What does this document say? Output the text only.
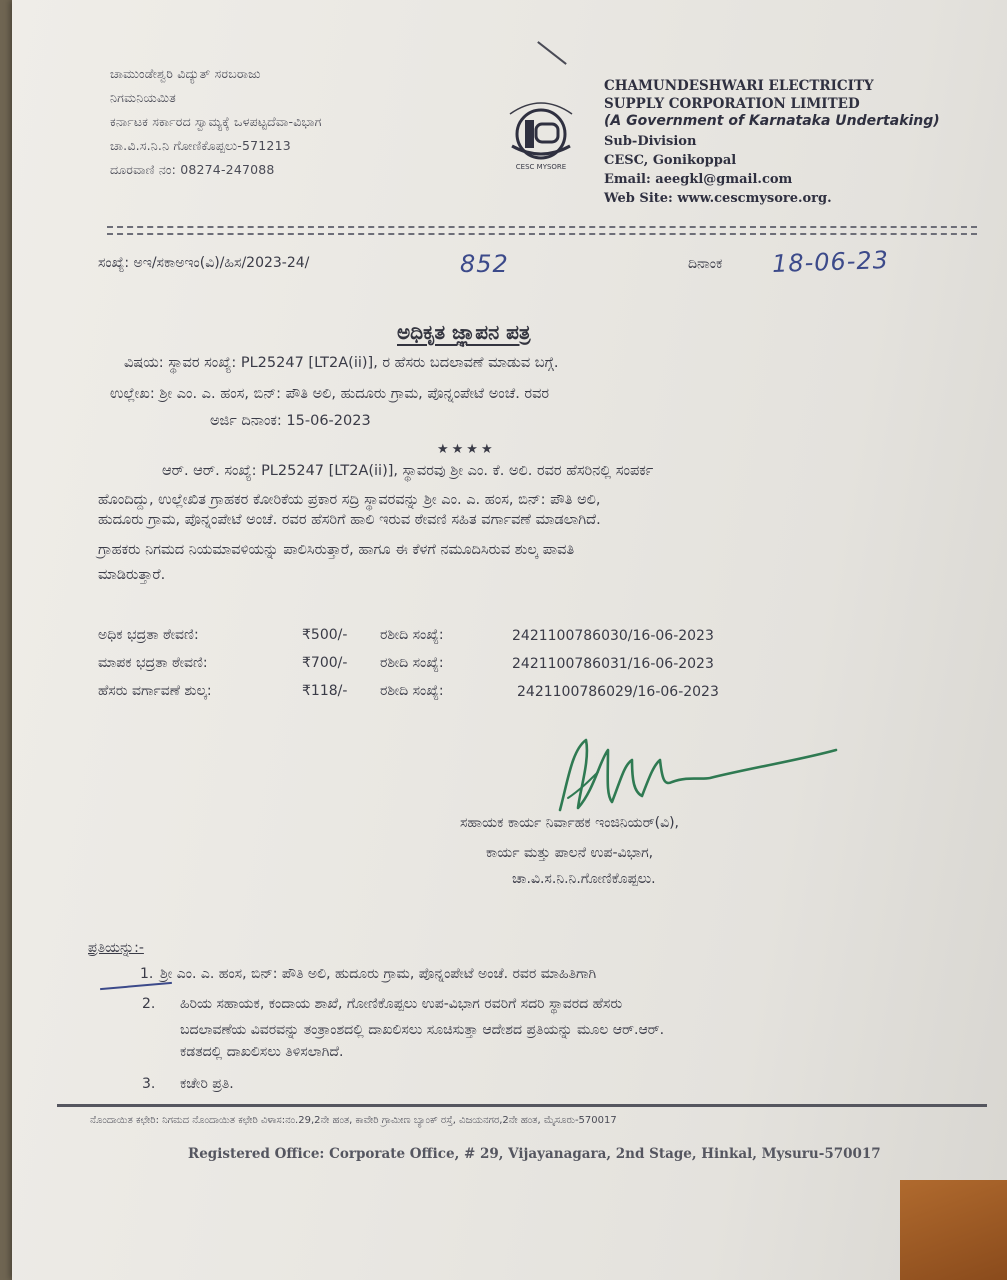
ಚಾಮುಂಡೇಶ್ವರಿ ವಿದ್ಯುತ್ ಸರಬರಾಜು
ನಿಗಮನಿಯಮಿತ
ಕರ್ನಾಟಕ ಸರ್ಕಾರದ ಸ್ವಾಮ್ಯಕ್ಕೆ ಒಳಪಟ್ಟದೆವಾ-ವಿಭಾಗ
ಚಾ.ವಿ.ಸ.ನಿ.ನಿ ಗೋಣಿಕೊಪ್ಪಲು-571213
ದೂರವಾಣಿ ನಂ: 08274-247088	CESC MYSORE
CHAMUNDESHWARI ELECTRICITY
SUPPLY CORPORATION LIMITED
(A Government of Karnataka Undertaking)
Sub-Division
CESC, Gonikoppal
Email: aeegkl@gmail.com
Web Site: www.cescmysore.org.
ಸಂಖ್ಯೆ: ಅಇ/ಸಕಾಅಇಂ(ವಿ)/ಹಿಸ/2023-24/	852	ದಿನಾಂಕ 18-06-23
ಅಧಿಕೃತ ಜ್ಞಾಪನ ಪತ್ರ
ವಿಷಯ: ಸ್ಥಾವರ ಸಂಖ್ಯೆ: PL25247 [LT2A(ii)], ರ ಹೆಸರು ಬದಲಾವಣೆ ಮಾಡುವ ಬಗ್ಗೆ.
ಉಲ್ಲೇಖ: ಶ್ರೀ ಎಂ. ಎ. ಹಂಸ, ಬಿನ್: ಪೌತಿ ಅಲಿ, ಹುದೂರು ಗ್ರಾಮ, ಪೊನ್ನಂಪೇಟೆ ಅಂಚೆ. ರವರ
ಅರ್ಜಿ ದಿನಾಂಕ: 15-06-2023
★★★★
ಆರ್. ಆರ್. ಸಂಖ್ಯೆ: PL25247 [LT2A(ii)], ಸ್ಥಾವರವು ಶ್ರೀ ಎಂ. ಕೆ. ಅಲಿ. ರವರ ಹೆಸರಿನಲ್ಲಿ ಸಂಪರ್ಕ
ಹೊಂದಿದ್ದು, ಉಲ್ಲೇಖಿತ ಗ್ರಾಹಕರ ಕೋರಿಕೆಯ ಪ್ರಕಾರ ಸದ್ರಿ ಸ್ಥಾವರವನ್ನು ಶ್ರೀ ಎಂ. ಎ. ಹಂಸ, ಬಿನ್: ಪೌತಿ ಅಲಿ,
ಹುದೂರು ಗ್ರಾಮ, ಪೊನ್ನಂಪೇಟೆ ಅಂಚೆ. ರವರ ಹೆಸರಿಗೆ ಹಾಲಿ ಇರುವ ಠೇವಣಿ ಸಹಿತ ವರ್ಗಾವಣೆ ಮಾಡಲಾಗಿದೆ.
ಗ್ರಾಹಕರು ನಿಗಮದ ನಿಯಮಾವಳಿಯನ್ನು ಪಾಲಿಸಿರುತ್ತಾರೆ, ಹಾಗೂ ಈ ಕೆಳಗೆ ನಮೂದಿಸಿರುವ ಶುಲ್ಕ ಪಾವತಿ
ಮಾಡಿರುತ್ತಾರೆ.
ಅಧಿಕ ಭದ್ರತಾ ಠೇವಣಿ:	₹500/- ರಶೀದಿ ಸಂಖ್ಯೆ:	2421100786030/16-06-2023
ಮಾಪಕ ಭದ್ರತಾ ಠೇವಣಿ:	₹700/- ರಶೀದಿ ಸಂಖ್ಯೆ:	2421100786031/16-06-2023
ಹೆಸರು ವರ್ಗಾವಣೆ ಶುಲ್ಕ:	₹118/- ರಶೀದಿ ಸಂಖ್ಯೆ:	2421100786029/16-06-2023
ಸಹಾಯಕ ಕಾರ್ಯ ನಿರ್ವಾಹಕ ಇಂಜಿನಿಯರ್(ವಿ),
ಕಾರ್ಯ ಮತ್ತು ಪಾಲನೆ ಉಪ-ವಿಭಾಗ,
ಚಾ.ವಿ.ಸ.ನಿ.ನಿ.ಗೋಣಿಕೊಪ್ಪಲು.
ಪ್ರತಿಯನ್ನು:-
1. ಶ್ರೀ ಎಂ. ಎ. ಹಂಸ, ಬಿನ್: ಪೌತಿ ಅಲಿ, ಹುದೂರು ಗ್ರಾಮ, ಪೊನ್ನಂಪೇಟೆ ಅಂಚೆ. ರವರ ಮಾಹಿತಿಗಾಗಿ
2. ಹಿರಿಯ ಸಹಾಯಕ, ಕಂದಾಯ ಶಾಖೆ, ಗೋಣಿಕೊಪ್ಪಲು ಉಪ-ವಿಭಾಗ ರವರಿಗೆ ಸದರಿ ಸ್ಥಾವರದ ಹೆಸರು
ಬದಲಾವಣೆಯ ವಿವರವನ್ನು ತಂತ್ರಾಂಶದಲ್ಲಿ ದಾಖಲಿಸಲು ಸೂಚಿಸುತ್ತಾ ಆದೇಶದ ಪ್ರತಿಯನ್ನು ಮೂಲ ಆರ್.ಆರ್.
ಕಡತದಲ್ಲಿ ದಾಖಲಿಸಲು ತಿಳಿಸಲಾಗಿದೆ.
3. ಕಚೇರಿ ಪ್ರತಿ.
ನೊಂದಾಯಿತ ಕಛೇರಿ: ನಿಗಮದ ನೊಂದಾಯಿತ ಕಛೇರಿ ವಿಳಾಸ:ನಂ.29,2ನೇ ಹಂತ, ಕಾವೇರಿ ಗ್ರಾಮೀಣ ಬ್ಯಾಂಕ್ ರಸ್ತೆ, ವಿಜಯನಗರ,2ನೇ ಹಂತ, ಮೈಸೂರು-570017
Registered Office: Corporate Office, # 29, Vijayanagara, 2nd Stage, Hinkal, Mysuru-570017
